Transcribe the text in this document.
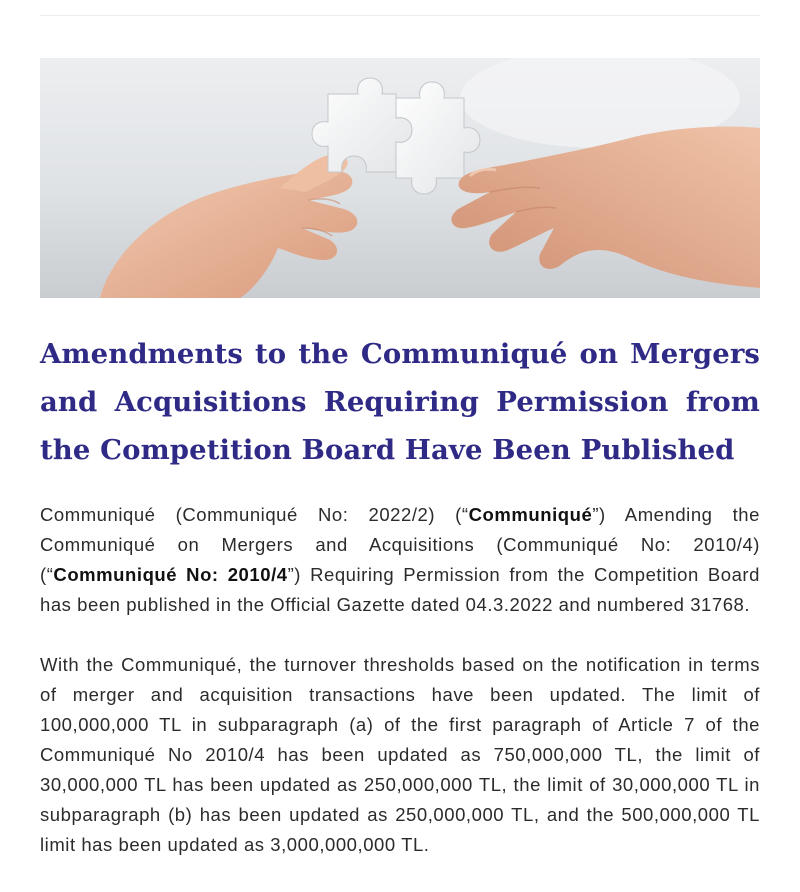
Amendments to the Communiqué on Mergers and Acquisitions Requiring Permission from the Competition Board Have Been Published

Communiqué (Communiqué No: 2022/2) (“Communiqué”) Amending the Communiqué on Mergers and Acquisitions (Communiqué No: 2010/4) (“Communiqué No: 2010/4”) Requiring Permission from the Competition Board has been published in the Official Gazette dated 04.3.2022 and numbered 31768.

With the Communiqué, the turnover thresholds based on the notification in terms of merger and acquisition transactions have been updated. The limit of 100,000,000 TL in subparagraph (a) of the first paragraph of Article 7 of the Communiqué No 2010/4 has been updated as 750,000,000 TL, the limit of 30,000,000 TL has been updated as 250,000,000 TL, the limit of 30,000,000 TL in subparagraph (b) has been updated as 250,000,000 TL, and the 500,000,000 TL limit has been updated as 3,000,000,000 TL.
